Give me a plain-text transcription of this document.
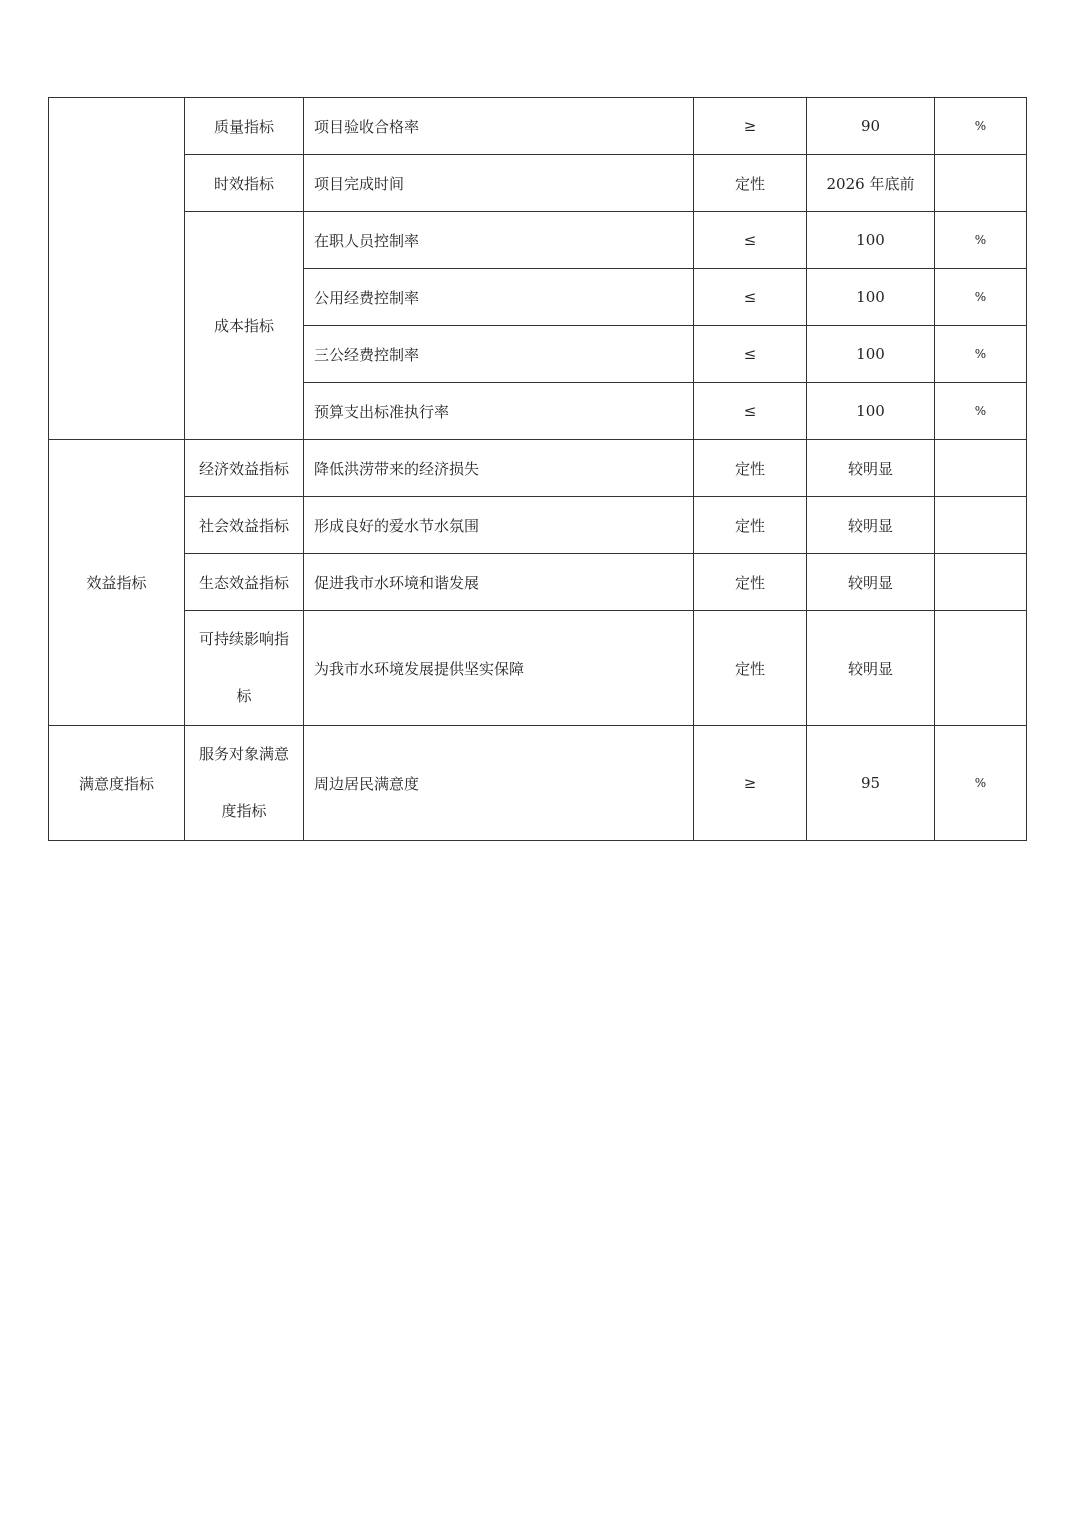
	质量指标	项目验收合格率	≥	90	%
	时效指标	项目完成时间	定性	2026 年底前	
	成本指标	在职人员控制率	≤	100	%
		公用经费控制率	≤	100	%
		三公经费控制率	≤	100	%
		预算支出标准执行率	≤	100	%
效益指标	经济效益指标	降低洪涝带来的经济损失	定性	较明显	
	社会效益指标	形成良好的爱水节水氛围	定性	较明显	
	生态效益指标	促进我市水环境和谐发展	定性	较明显	
	可持续影响指标	为我市水环境发展提供坚实保障	定性	较明显	
满意度指标	服务对象满意度指标	周边居民满意度	≥	95	%
